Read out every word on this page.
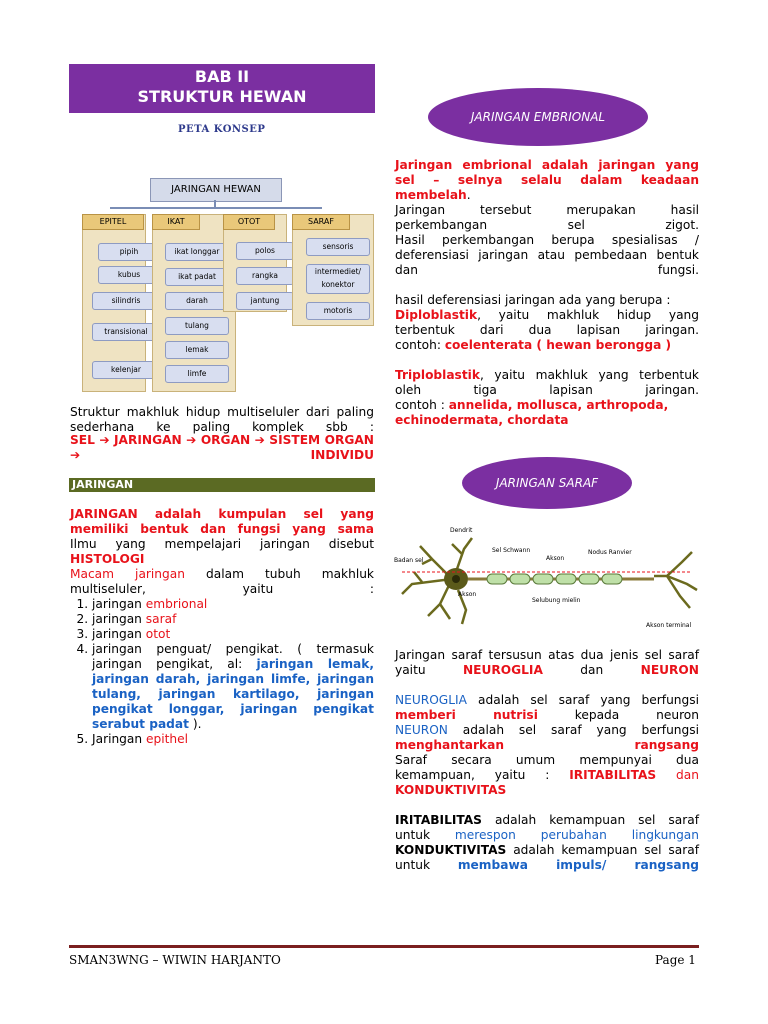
BAB II
STRUKTUR HEWAN
PETA KONSEP
JARINGAN HEWAN
EPITEL
pipih
kubus
silindris
transisional
kelenjar
IKAT
ikat longgar
ikat padat
darah
tulang
lemak
limfe
OTOT
polos
rangka
jantung
SARAF
sensoris
intermediet/ konektor
motoris
Struktur makhluk hidup multiseluler dari paling sederhana ke paling komplek sbb :
SEL ➔ JARINGAN ➔ ORGAN ➔ SISTEM ORGAN ➔ INDIVIDU
JARINGAN
JARINGAN adalah kumpulan sel yang memiliki bentuk dan fungsi yang sama
Ilmu yang mempelajari jaringan disebut
HISTOLOGI
Macam jaringan dalam tubuh makhluk multiseluler, yaitu :
1. jaringan embrional
2. jaringan saraf
3. jaringan otot
4. jaringan penguat/ pengikat. ( termasuk jaringan pengikat, al: jaringan lemak, jaringan darah, jaringan limfe, jaringan tulang, jaringan kartilago, jaringan pengikat longgar, jaringan pengikat serabut padat ).
5. Jaringan epithel
JARINGAN EMBRIONAL
Jaringan embrional adalah jaringan yang sel – selnya selalu dalam keadaan membelah.
Jaringan tersebut merupakan hasil perkembangan sel zigot.
Hasil perkembangan berupa spesialisas / deferensiasi jaringan atau pembedaan bentuk dan fungsi.
hasil deferensiasi jaringan ada yang berupa :
Diploblastik, yaitu makhluk hidup yang terbentuk dari dua lapisan jaringan.
contoh: coelenterata ( hewan berongga )
Triploblastik, yaitu makhluk yang terbentuk oleh tiga lapisan jaringan.
contoh : annelida, mollusca, arthropoda, echinodermata, chordata
JARINGAN SARAF
Dendrit
Badan sel
Sel Schwann
Akson
Nodus Ranvier
Akson
Selubung mielin
Akson terminal
Jaringan saraf tersusun atas dua jenis sel saraf yaitu NEUROGLIA dan NEURON
NEUROGLIA adalah sel saraf yang berfungsi memberi nutrisi kepada neuron
NEURON adalah sel saraf yang berfungsi menghantarkan rangsang
Saraf secara umum mempunyai dua kemampuan, yaitu : IRITABILITAS dan KONDUKTIVITAS
IRITABILITAS adalah kemampuan sel saraf untuk merespon perubahan lingkungan
KONDUKTIVITAS adalah kemampuan sel saraf untuk membawa impuls/ rangsang
SMAN3WNG – WIWIN HARJANTO	Page 1
